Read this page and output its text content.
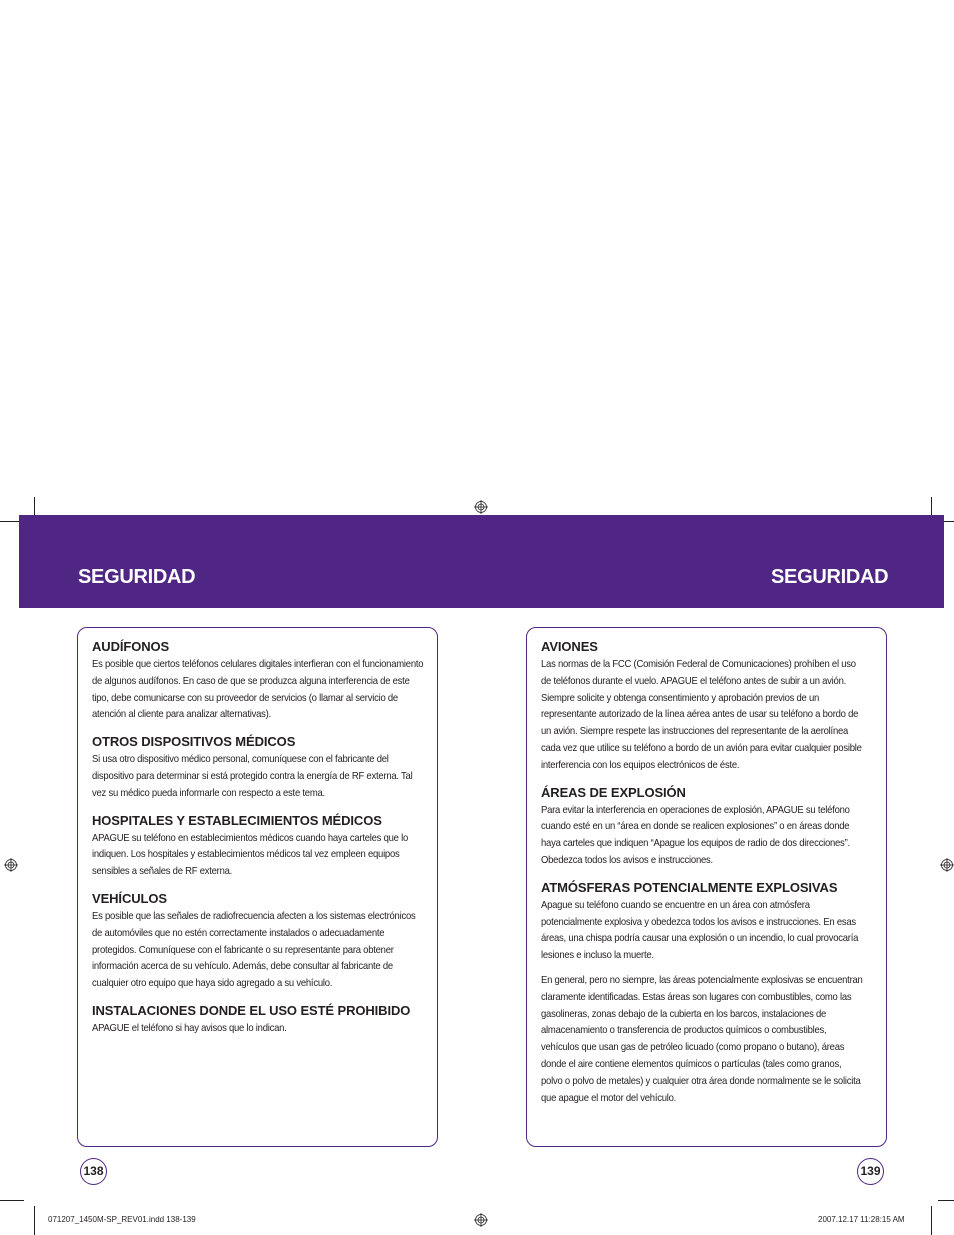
SEGURIDAD	SEGURIDAD
AUDÍFONOS

Es posible que ciertos teléfonos celulares digitales interfieran con el funcionamiento de algunos audífonos. En caso de que se produzca alguna interferencia de este tipo, debe comunicarse con su proveedor de servicios (o llamar al servicio de atención al cliente para analizar alternativas).

OTROS DISPOSITIVOS MÉDICOS

Si usa otro dispositivo médico personal, comuníquese con el fabricante del dispositivo para determinar si está protegido contra la energía de RF externa. Tal vez su médico pueda informarle con respecto a este tema.

HOSPITALES Y ESTABLECIMIENTOS MÉDICOS

APAGUE su teléfono en establecimientos médicos cuando haya carteles que lo indiquen. Los hospitales y establecimientos médicos tal vez empleen equipos sensibles a señales de RF externa.

VEHÍCULOS

Es posible que las señales de radiofrecuencia afecten a los sistemas electrónicos de automóviles que no estén correctamente instalados o adecuadamente protegidos. Comuníquese con el fabricante o su representante para obtener información acerca de su vehículo. Además, debe consultar al fabricante de cualquier otro equipo que haya sido agregado a su vehículo.

INSTALACIONES DONDE EL USO ESTÉ PROHIBIDO

APAGUE el teléfono si hay avisos que lo indican.

AVIONES

Las normas de la FCC (Comisión Federal de Comunicaciones) prohíben el uso de teléfonos durante el vuelo. APAGUE el teléfono antes de subir a un avión. Siempre solicite y obtenga consentimiento y aprobación previos de un representante autorizado de la línea aérea antes de usar su teléfono a bordo de un avión. Siempre respete las instrucciones del representante de la aerolínea cada vez que utilice su teléfono a bordo de un avión para evitar cualquier posible interferencia con los equipos electrónicos de éste.

ÁREAS DE EXPLOSIÓN

Para evitar la interferencia en operaciones de explosión, APAGUE su teléfono cuando esté en un “área en donde se realicen explosiones” o en áreas donde haya carteles que indiquen “Apague los equipos de radio de dos direcciones”. Obedezca todos los avisos e instrucciones.

ATMÓSFERAS POTENCIALMENTE EXPLOSIVAS

Apague su teléfono cuando se encuentre en un área con atmósfera potencialmente explosiva y obedezca todos los avisos e instrucciones. En esas áreas, una chispa podría causar una explosión o un incendio, lo cual provocaría lesiones e incluso la muerte.

En general, pero no siempre, las áreas potencialmente explosivas se encuentran claramente identificadas. Estas áreas son lugares con combustibles, como las gasolineras, zonas debajo de la cubierta en los barcos, instalaciones de almacenamiento o transferencia de productos químicos o combustibles, vehículos que usan gas de petróleo licuado (como propano o butano), áreas donde el aire contiene elementos químicos o partículas (tales como granos, polvo o polvo de metales) y cualquier otra área donde normalmente se le solicita que apague el motor del vehículo.

138	139
071207_1450M-SP_REV01.indd 138-139	2007.12.17 11:28:15 AM
